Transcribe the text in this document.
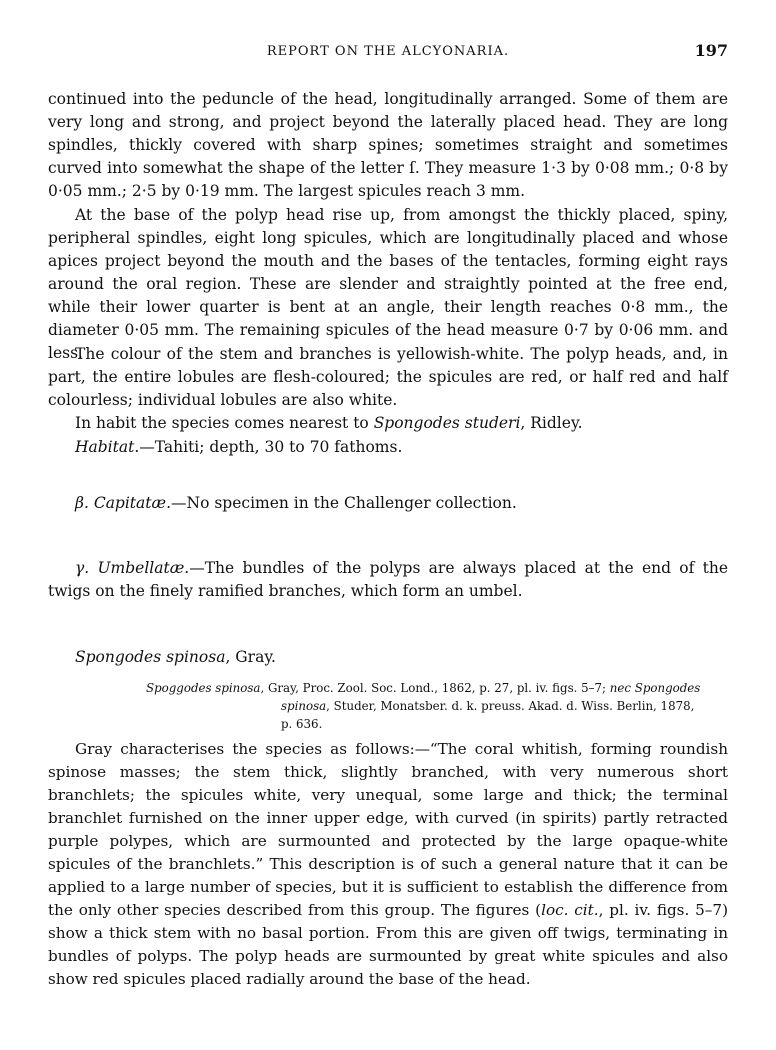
REPORT ON THE ALCYONARIA.	197
continued into the peduncle of the head, longitudinally arranged. Some of them are very long and strong, and project beyond the laterally placed head. They are long spindles, thickly covered with sharp spines; sometimes straight and sometimes curved into somewhat the shape of the letter ſ. They measure 1·3 by 0·08 mm.; 0·8 by 0·05 mm.; 2·5 by 0·19 mm. The largest spicules reach 3 mm.
At the base of the polyp head rise up, from amongst the thickly placed, spiny, peripheral spindles, eight long spicules, which are longitudinally placed and whose apices project beyond the mouth and the bases of the tentacles, forming eight rays around the oral region. These are slender and straightly pointed at the free end, while their lower quarter is bent at an angle, their length reaches 0·8 mm., the diameter 0·05 mm. The remaining spicules of the head measure 0·7 by 0·06 mm. and less.
The colour of the stem and branches is yellowish-white. The polyp heads, and, in part, the entire lobules are flesh-coloured; the spicules are red, or half red and half colourless; individual lobules are also white.
In habit the species comes nearest to Spongodes studeri, Ridley.
Habitat.—Tahiti; depth, 30 to 70 fathoms.
β. Capitatæ.—No specimen in the Challenger collection.
γ. Umbellatæ.—The bundles of the polyps are always placed at the end of the twigs on the finely ramified branches, which form an umbel.
Spongodes spinosa, Gray.
Spoggodes spinosa, Gray, Proc. Zool. Soc. Lond., 1862, p. 27, pl. iv. figs. 5–7; nec Spongodes
spinosa, Studer, Monatsber. d. k. preuss. Akad. d. Wiss. Berlin, 1878,
p. 636.
Gray characterises the species as follows:—“The coral whitish, forming roundish spinose masses; the stem thick, slightly branched, with very numerous short branchlets; the spicules white, very unequal, some large and thick; the terminal branchlet furnished on the inner upper edge, with curved (in spirits) partly retracted purple polypes, which are surmounted and protected by the large opaque-white spicules of the branchlets.” This description is of such a general nature that it can be applied to a large number of species, but it is sufficient to establish the difference from the only other species described from this group. The figures (loc. cit., pl. iv. figs. 5–7) show a thick stem with no basal portion. From this are given off twigs, terminating in bundles of polyps. The polyp heads are surmounted by great white spicules and also show red spicules placed radially around the base of the head.
